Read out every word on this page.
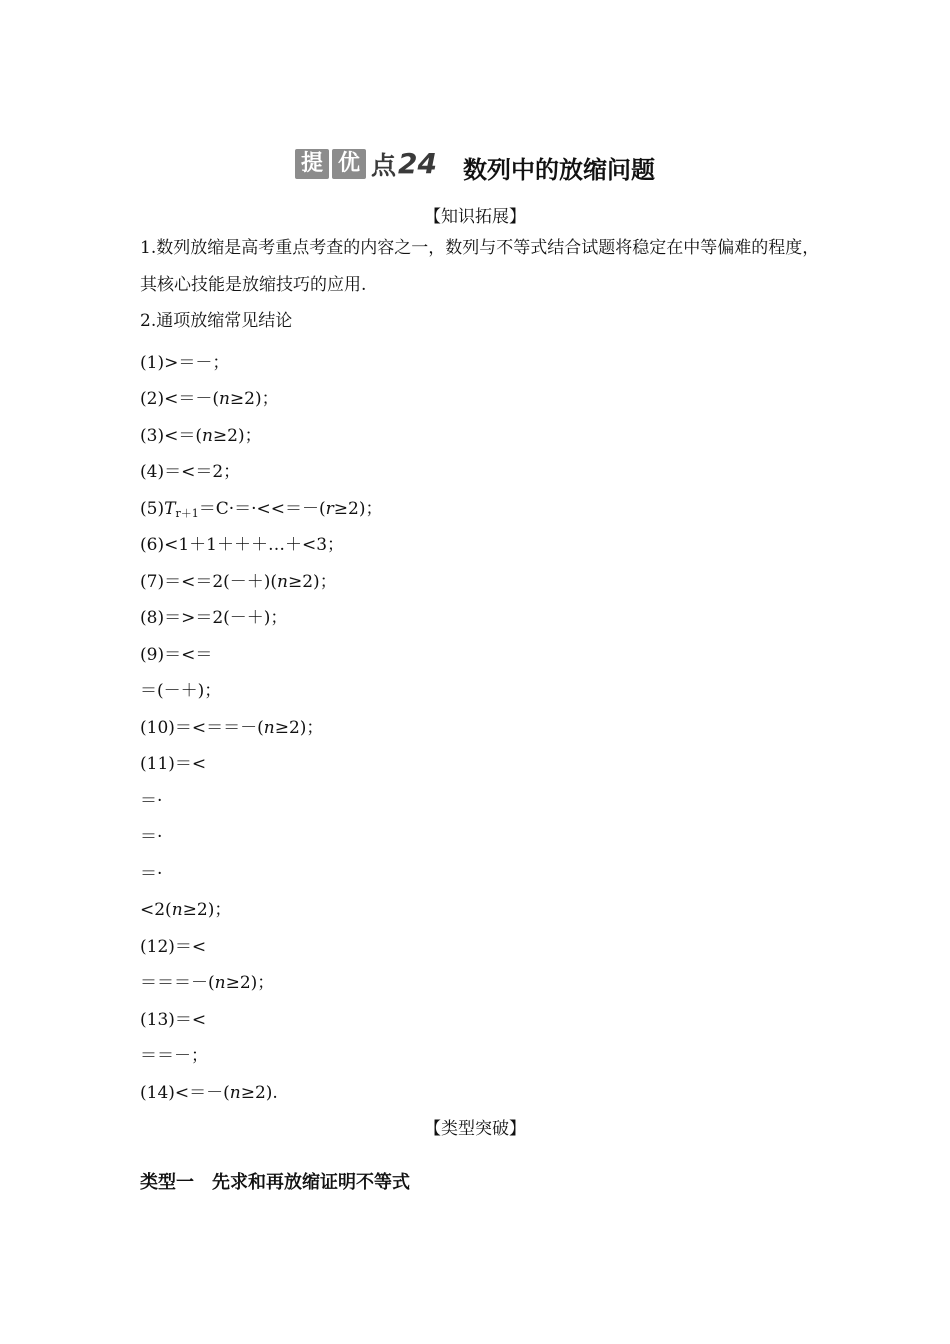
提 优 点 24 数列中的放缩问题
【知识拓展】
1.数列放缩是高考重点考查的内容之一，数列与不等式结合试题将稳定在中等偏难的程度，其核心技能是放缩技巧的应用.
2.通项放缩常见结论
(1)>＝－；
(2)<＝－(n≥2)；
(3)<＝(n≥2)；
(4)＝<＝2；
$(5)T_{r+1}=C\cdot=\cdot<<=-(r\ge 2)$；
(6)<1＋1＋＋＋…＋<3；
(7)＝<＝2(－＋)(n≥2)；
(8)＝>＝2(－＋)；
(9)＝<＝
＝(－＋)；
(10)＝<＝＝－(n≥2)；
(11)＝<
＝·
＝·
＝·
<2(n≥2)；
(12)＝<
＝＝＝－(n≥2)；
(13)＝<
＝＝－；
(14)<＝－(n≥2).
【类型突破】
类型一　先求和再放缩证明不等式
